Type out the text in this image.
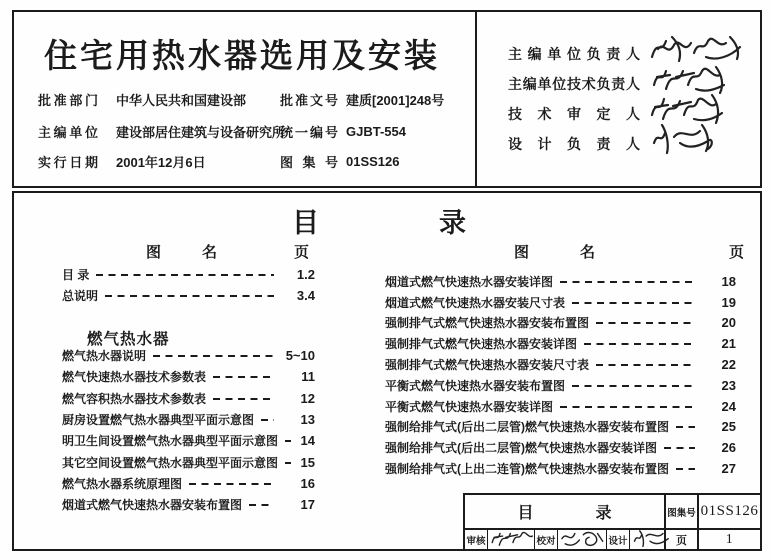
住宅用热水器选用及安装
批准部门 中华人民共和国建设部	批准文号 建质[2001]248号
主编单位 建设部居住建筑与设备研究所
统一编号 GJBT-554
实行日期 2001年12月6日	图集号 01SS126
主编单位负责人
主编单位技术负责人
技术审定人
设计负责人
目	录
图	名	页	图	名	页
目 录	1.2
总说明	3.4
燃气热水器
燃气热水器说明	5~10
燃气快速热水器技术参数表	11
燃气容积热水器技术参数表	12
厨房设置燃气热水器典型平面示意图	13
明卫生间设置燃气热水器典型平面示意图	14
其它空间设置燃气热水器典型平面示意图	15
燃气热水器系统原理图	16
烟道式燃气快速热水器安装布置图	17
烟道式燃气快速热水器安装详图	18
烟道式燃气快速热水器安装尺寸表	19
强制排气式燃气快速热水器安装布置图	20
强制排气式燃气快速热水器安装详图	21
强制排气式燃气快速热水器安装尺寸表	22
平衡式燃气快速热水器安装布置图	23
平衡式燃气快速热水器安装详图	24
强制给排气式(后出二层管)燃气快速热水器安装布置图	25
强制给排气式(后出二层管)燃气快速热水器安装详图	26
强制给排气式(上出二连管)燃气快速热水器安装布置图	27
目	录	图集号 01SS126
审核	校对	设计	页	1
